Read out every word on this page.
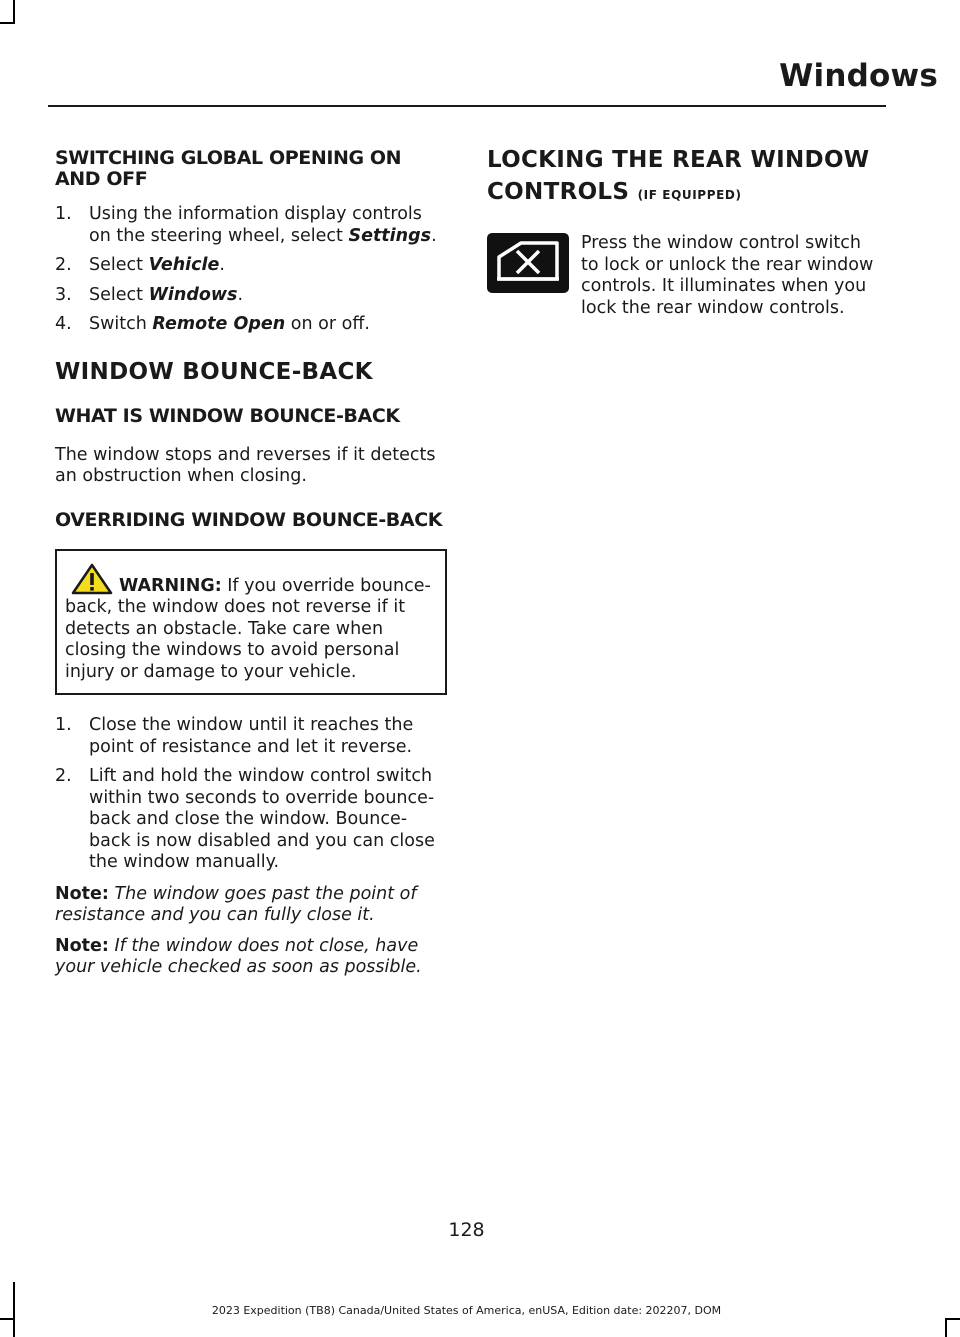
Windows
SWITCHING GLOBAL OPENING ON AND OFF
1. Using the information display controls on the steering wheel, select Settings.
2. Select Vehicle.
3. Select Windows.
4. Switch Remote Open on or off.
WINDOW BOUNCE-BACK
WHAT IS WINDOW BOUNCE-BACK

The window stops and reverses if it detects an obstruction when closing.

OVERRIDING WINDOW BOUNCE-BACK
WARNING: If you override bounce-back, the window does not reverse if it detects an obstacle. Take care when closing the windows to avoid personal injury or damage to your vehicle.
1. Close the window until it reaches the point of resistance and let it reverse.
2. Lift and hold the window control switch within two seconds to override bounce-back and close the window. Bounce-back is now disabled and you can close the window manually.

Note: The window goes past the point of resistance and you can fully close it.

Note: If the window does not close, have your vehicle checked as soon as possible.

LOCKING THE REAR WINDOW
CONTROLS (IF EQUIPPED)
Press the window control switch to lock or unlock the rear window controls. It illuminates when you lock the rear window controls.
128
2023 Expedition (TB8) Canada/United States of America, enUSA, Edition date: 202207, DOM
